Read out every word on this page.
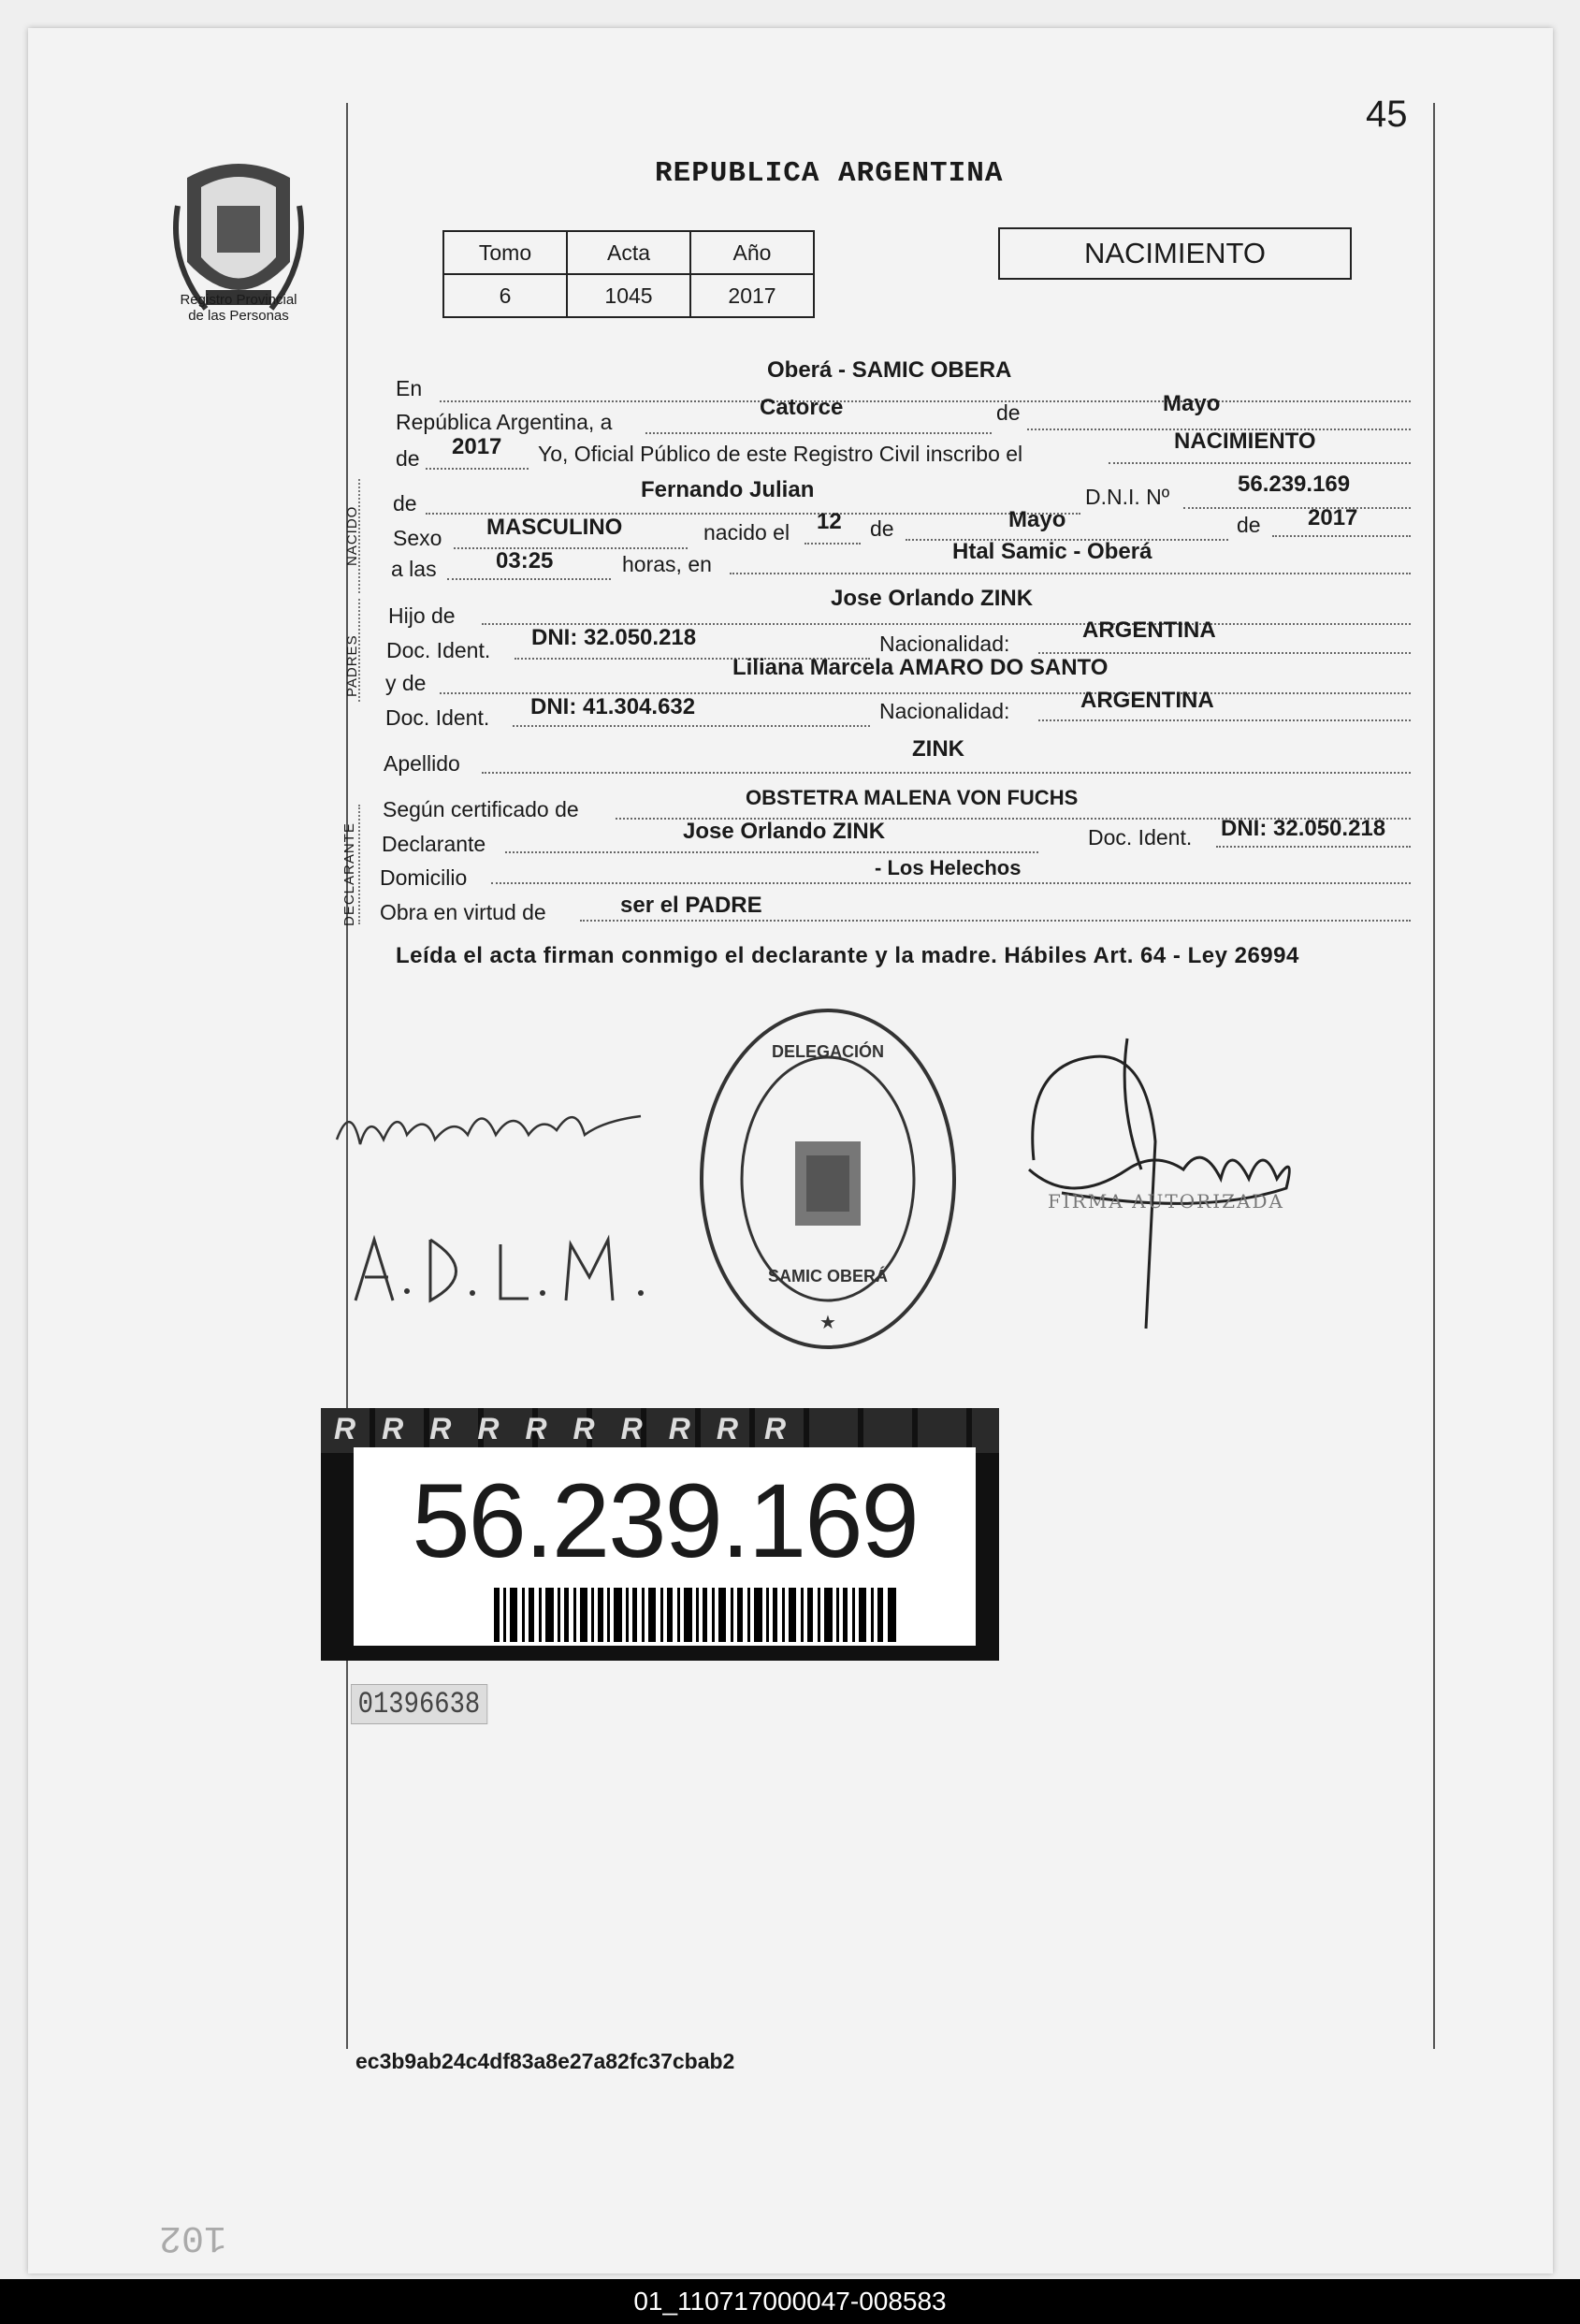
45
Registro Provincial
de las Personas
REPUBLICA ARGENTINA
Tomo	Acta	Año
6	1045	2017
NACIMIENTO
En
Oberá - SAMIC OBERA
República Argentina, a
Catorce	de	Mayo
de 2017 Yo, Oficial Público de este Registro Civil inscribo el	NACIMIENTO
NACIDO
de
Fernando Julian	D.N.I. Nº	56.239.169
Sexo MASCULINO	nacido el 12 de	Mayo	de 2017
a las	03:25	horas, en	Htal Samic - Oberá
PADRES
Hijo de
Jose Orlando ZINK
Doc. Ident. DNI: 32.050.218	Nacionalidad:
ARGENTINA
y de
Liliana Marcela AMARO DO SANTO
Doc. Ident. DNI: 41.304.632	Nacionalidad:	ARGENTINA
Apellido
ZINK
DECLARANTE
Según certificado de	OBSTETRA MALENA VON FUCHS
Declarante	Jose Orlando ZINK	Doc. Ident. DNI: 32.050.218
Domicilio	- Los Helechos
Obra en virtud de	ser el PADRE
Leída el acta firman conmigo el declarante y la madre. Hábiles Art. 64 - Ley 26994
DELEGACIÓN
SAMIC OBERÁ
★
FIRMA AUTORIZADA
R R R R R R R R R R
56.239.169
01396638
ec3b9ab24c4df83a8e27a82fc37cbab2
102
01_110717000047-008583
